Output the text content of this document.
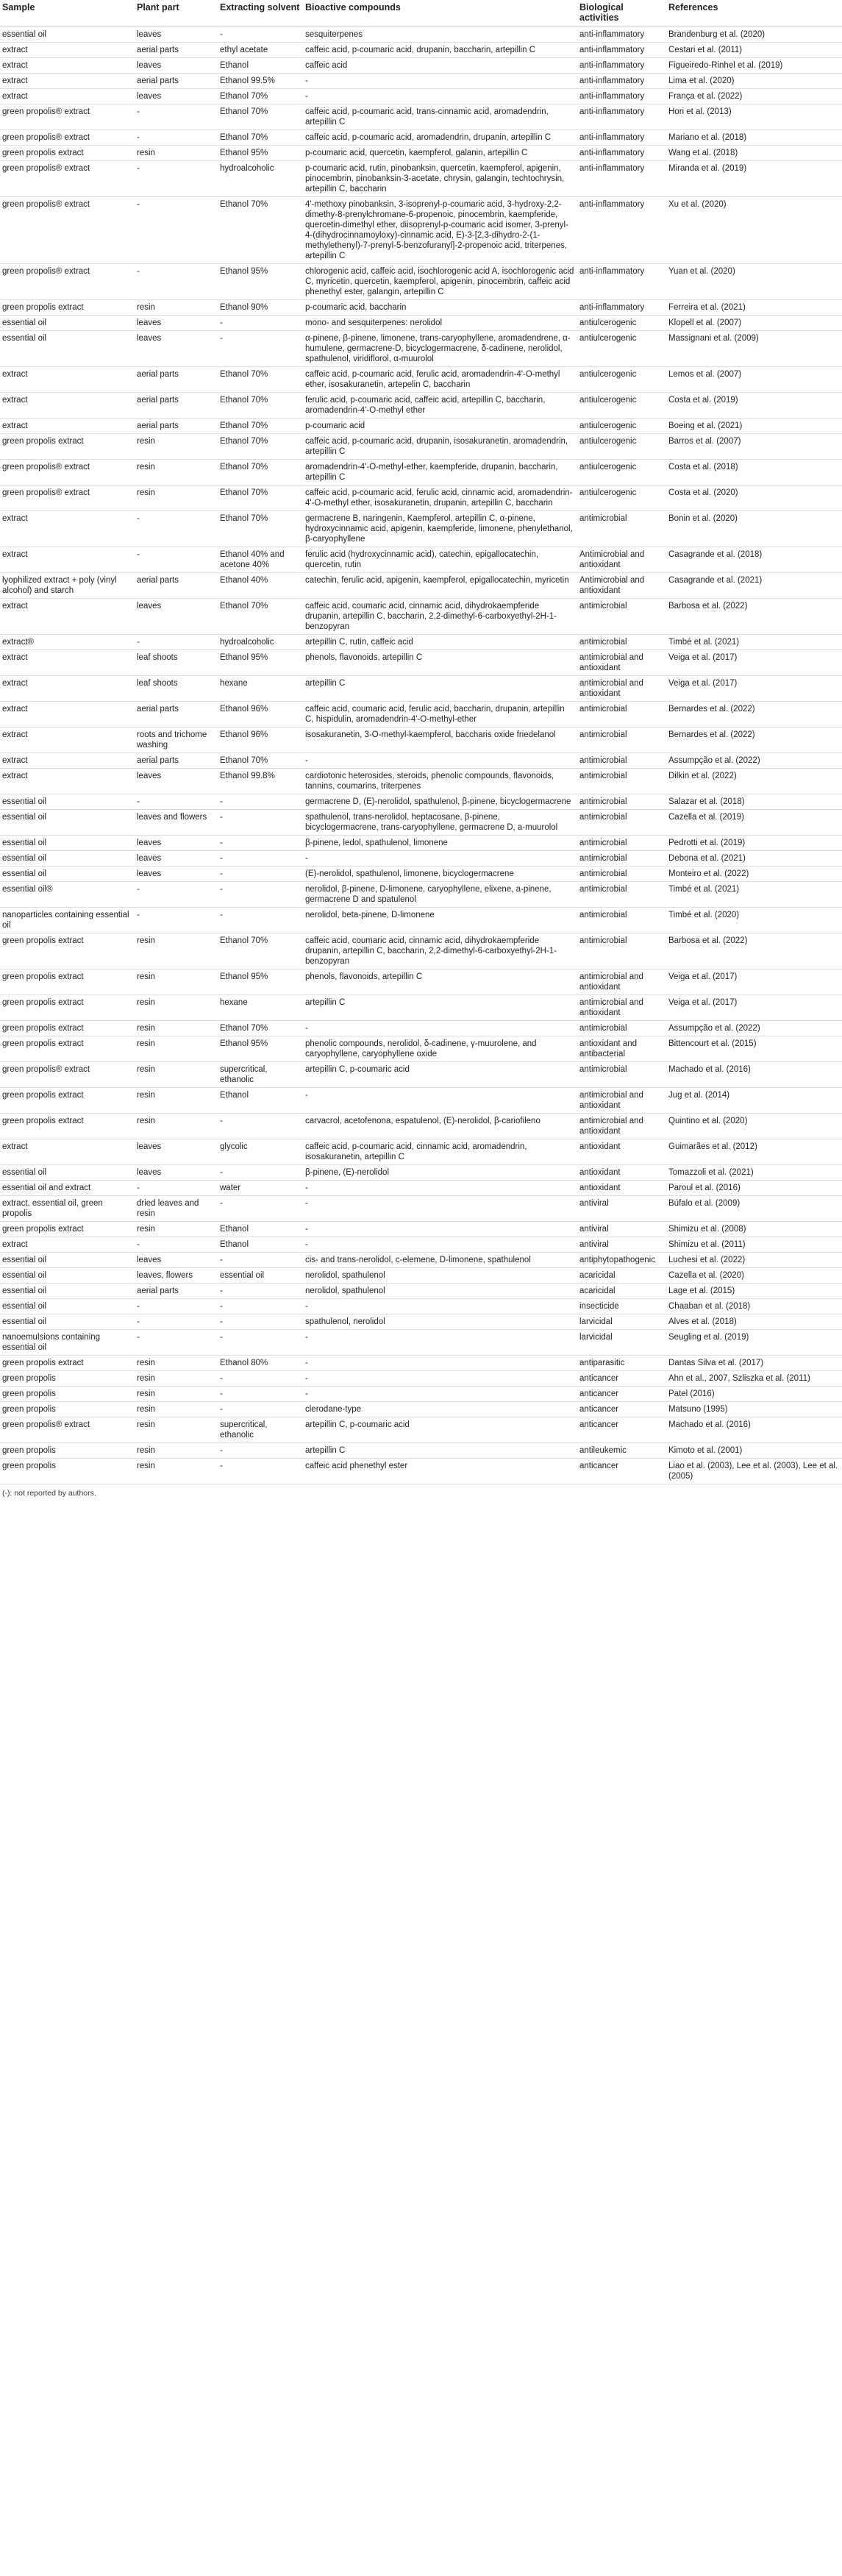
Sample	Plant part	Extracting solvent	Bioactive compounds	Biological activities	References
essential oil	leaves	-	sesquiterpenes	anti-inflammatory	Brandenburg et al. (2020)
extract	aerial parts	ethyl acetate	caffeic acid, p-coumaric acid, drupanin, baccharin, artepillin C	anti-inflammatory	Cestari et al. (2011)
extract	leaves	Ethanol	caffeic acid	anti-inflammatory	Figueiredo-Rinhel et al. (2019)
extract	aerial parts	Ethanol 99.5%	-	anti-inflammatory	Lima et al. (2020)
extract	leaves	Ethanol 70%	-	anti-inflammatory	França et al. (2022)
green propolis® extract	-	Ethanol 70%	caffeic acid, p-coumaric acid, trans-cinnamic acid, aromadendrin, artepillin C	anti-inflammatory	Hori et al. (2013)
green propolis® extract	-	Ethanol 70%	caffeic acid, p-coumaric acid, aromadendrin, drupanin, artepillin C	anti-inflammatory	Mariano et al. (2018)
green propolis extract	resin	Ethanol 95%	p-coumaric acid, quercetin, kaempferol, galanin, artepillin C	anti-inflammatory	Wang et al. (2018)
green propolis® extract	-	hydroalcoholic	p-coumaric acid, rutin, pinobanksin, quercetin, kaempferol, apigenin, pinocembrin, pinobanksin-3-acetate, chrysin, galangin, techtochrysin, artepillin C, baccharin	anti-inflammatory	Miranda et al. (2019)
green propolis® extract	-	Ethanol 70%	4'-methoxy pinobanksin, 3-isoprenyl-p-coumaric acid, 3-hydroxy-2,2-dimethy-8-prenylchromane-6-propenoic, pinocembrin, kaempferide, quercetin-dimethyl ether, diisoprenyl-p-coumaric acid isomer, 3-prenyl-4-(dihydrocinnamoyloxy)-cinnamic acid, E)-3-[2,3-dihydro-2-(1-methylethenyl)-7-prenyl-5-benzofuranyl]-2-propenoic acid, triterpenes, artepillin C	anti-inflammatory	Xu et al. (2020)
green propolis® extract	-	Ethanol 95%	chlorogenic acid, caffeic acid, isochlorogenic acid A, isochlorogenic acid C, myricetin, quercetin, kaempferol, apigenin, pinocembrin, caffeic acid phenethyl ester, galangin, artepillin C	anti-inflammatory	Yuan et al. (2020)
green propolis extract	resin	Ethanol 90%	p-coumaric acid, baccharin	anti-inflammatory	Ferreira et al. (2021)
essential oil	leaves	-	mono- and sesquiterpenes: nerolidol	antiulcerogenic	Klopell et al. (2007)
essential oil	leaves	-	α-pinene, β-pinene, limonene, trans-caryophyllene, aromadendrene, α-humulene, germacrene-D, bicyclogermacrene, δ-cadinene, nerolidol, spathulenol, viridiflorol, α-muurolol	antiulcerogenic	Massignani et al. (2009)
extract	aerial parts	Ethanol 70%	caffeic acid, p-coumaric acid, ferulic acid, aromadendrin-4'-O-methyl ether, isosakuranetin, artepelin C, baccharin	antiulcerogenic	Lemos et al. (2007)
extract	aerial parts	Ethanol 70%	ferulic acid, p-coumaric acid, caffeic acid, artepillin C, baccharin, aromadendrin-4'-O-methyl ether	antiulcerogenic	Costa et al. (2019)
extract	aerial parts	Ethanol 70%	p-coumaric acid	antiulcerogenic	Boeing et al. (2021)
green propolis extract	resin	Ethanol 70%	caffeic acid, p-coumaric acid, drupanin, isosakuranetin, aromadendrin, artepillin C	antiulcerogenic	Barros et al. (2007)
green propolis® extract	resin	Ethanol 70%	aromadendrin-4'-O-methyl-ether, kaempferide, drupanin, baccharin, artepillin C	antiulcerogenic	Costa et al. (2018)
green propolis® extract	resin	Ethanol 70%	caffeic acid, p-coumaric acid, ferulic acid, cinnamic acid, aromadendrin-4'-O-methyl ether, isosakuranetin, drupanin, artepillin C, baccharin	antiulcerogenic	Costa et al. (2020)
extract	-	Ethanol 70%	germacrene B, naringenin, Kaempferol, artepillin C, α-pinene, hydroxycinnamic acid, apigenin, kaempferide, limonene, phenylethanol, β-caryophyllene	antimicrobial	Bonin et al. (2020)
extract	-	Ethanol 40% and acetone 40%	ferulic acid (hydroxycinnamic acid), catechin, epigallocatechin, quercetin, rutin	Antimicrobial and antioxidant	Casagrande et al. (2018)
lyophilized extract + poly (vinyl alcohol) and starch	aerial parts	Ethanol 40%	catechin, ferulic acid, apigenin, kaempferol, epigallocatechin, myricetin	Antimicrobial and antioxidant	Casagrande et al. (2021)
extract	leaves	Ethanol 70%	caffeic acid, coumaric acid, cinnamic acid, dihydrokaempferide drupanin, artepillin C, baccharin, 2,2-dimethyl-6-carboxyethyl-2H-1-benzopyran	antimicrobial	Barbosa et al. (2022)
extract®	-	hydroalcoholic	artepillin C, rutin, caffeic acid	antimicrobial	Timbé et al. (2021)
extract	leaf shoots	Ethanol 95%	phenols, flavonoids, artepillin C	antimicrobial and antioxidant	Veiga et al. (2017)
extract	leaf shoots	hexane	artepillin C	antimicrobial and antioxidant	Veiga et al. (2017)
extract	aerial parts	Ethanol 96%	caffeic acid, coumaric acid, ferulic acid, baccharin, drupanin, artepillin C, hispidulin, aromadendrin-4'-O-methyl-ether	antimicrobial	Bernardes et al. (2022)
extract	roots and trichome washing	Ethanol 96%	isosakuranetin, 3-O-methyl-kaempferol, baccharis oxide friedelanol	antimicrobial	Bernardes et al. (2022)
extract	aerial parts	Ethanol 70%	-	antimicrobial	Assumpção et al. (2022)
extract	leaves	Ethanol 99.8%	cardiotonic heterosides, steroids, phenolic compounds, flavonoids, tannins, coumarins, triterpenes	antimicrobial	Dilkin et al. (2022)
essential oil	-	-	germacrene D, (E)-nerolidol, spathulenol, β-pinene, bicyclogermacrene	antimicrobial	Salazar et al. (2018)
essential oil	leaves and flowers	-	spathulenol, trans-nerolidol, heptacosane, β-pinene, bicyclogermacrene, trans-caryophyllene, germacrene D, a-muurolol	antimicrobial	Cazella et al. (2019)
essential oil	leaves	-	β-pinene, ledol, spathulenol, limonene	antimicrobial	Pedrotti et al. (2019)
essential oil	leaves	-	-	antimicrobial	Debona et al. (2021)
essential oil	leaves	-	(E)-nerolidol, spathulenol, limonene, bicyclogermacrene	antimicrobial	Monteiro et al. (2022)
essential oil®	-	-	nerolidol, β-pinene, D-limonene, caryophyllene, elixene, a-pinene, germacrene D and spatulenol	antimicrobial	Timbé et al. (2021)
nanoparticles containing essential oil	-	-	nerolidol, beta-pinene, D-limonene	antimicrobial	Timbé et al. (2020)
green propolis extract	resin	Ethanol 70%	caffeic acid, coumaric acid, cinnamic acid, dihydrokaempferide drupanin, artepillin C, baccharin, 2,2-dimethyl-6-carboxyethyl-2H-1-benzopyran	antimicrobial	Barbosa et al. (2022)
green propolis extract	resin	Ethanol 95%	phenols, flavonoids, artepillin C	antimicrobial and antioxidant	Veiga et al. (2017)
green propolis extract	resin	hexane	artepillin C	antimicrobial and antioxidant	Veiga et al. (2017)
green propolis extract	resin	Ethanol 70%	-	antimicrobial	Assumpção et al. (2022)
green propolis extract	resin	Ethanol 95%	phenolic compounds, nerolidol, δ-cadinene, γ-muurolene, and caryophyllene, caryophyllene oxide	antioxidant and antibacterial	Bittencourt et al. (2015)
green propolis® extract	resin	supercritical, ethanolic	artepillin C, p-coumaric acid	antimicrobial	Machado et al. (2016)
green propolis extract	resin	Ethanol	-	antimicrobial and antioxidant	Jug et al. (2014)
green propolis extract	resin	-	carvacrol, acetofenona, espatulenol, (E)-nerolidol, β-cariofileno	antimicrobial and antioxidant	Quintino et al. (2020)
extract	leaves	glycolic	caffeic acid, p-coumaric acid, cinnamic acid, aromadendrin, isosakuranetin, artepillin C	antioxidant	Guimarães et al. (2012)
essential oil	leaves	-	β-pinene, (E)-nerolidol	antioxidant	Tomazzoli et al. (2021)
essential oil and extract	-	water	-	antioxidant	Paroul et al. (2016)
extract, essential oil, green propolis	dried leaves and resin	-	-	antiviral	Búfalo et al. (2009)
green propolis extract	resin	Ethanol	-	antiviral	Shimizu et al. (2008)
extract	-	Ethanol	-	antiviral	Shimizu et al. (2011)
essential oil	leaves	-	cis- and trans-nerolidol, c-elemene, D-limonene, spathulenol	antiphytopathogenic	Luchesi et al. (2022)
essential oil	leaves, flowers	essential oil	nerolidol, spathulenol	acaricidal	Cazella et al. (2020)
essential oil	aerial parts	-	nerolidol, spathulenol	acaricidal	Lage et al. (2015)
essential oil	-	-	-	insecticide	Chaaban et al. (2018)
essential oil	-	-	spathulenol, nerolidol	larvicidal	Alves et al. (2018)
nanoemulsions containing essential oil	-	-	-	larvicidal	Seugling et al. (2019)
green propolis extract	resin	Ethanol 80%	-	antiparasitic	Dantas Silva et al. (2017)
green propolis	resin	-	-	anticancer	Ahn et al., 2007, Szliszka et al. (2011)
green propolis	resin	-	-	anticancer	Patel (2016)
green propolis	resin	-	clerodane-type	anticancer	Matsuno (1995)
green propolis® extract	resin	supercritical, ethanolic	artepillin C, p-coumaric acid	anticancer	Machado et al. (2016)
green propolis	resin	-	artepillin C	antileukemic	Kimoto et al. (2001)
green propolis	resin	-	caffeic acid phenethyl ester	anticancer	Liao et al. (2003), Lee et al. (2003), Lee et al. (2005)
(-): not reported by authors.
